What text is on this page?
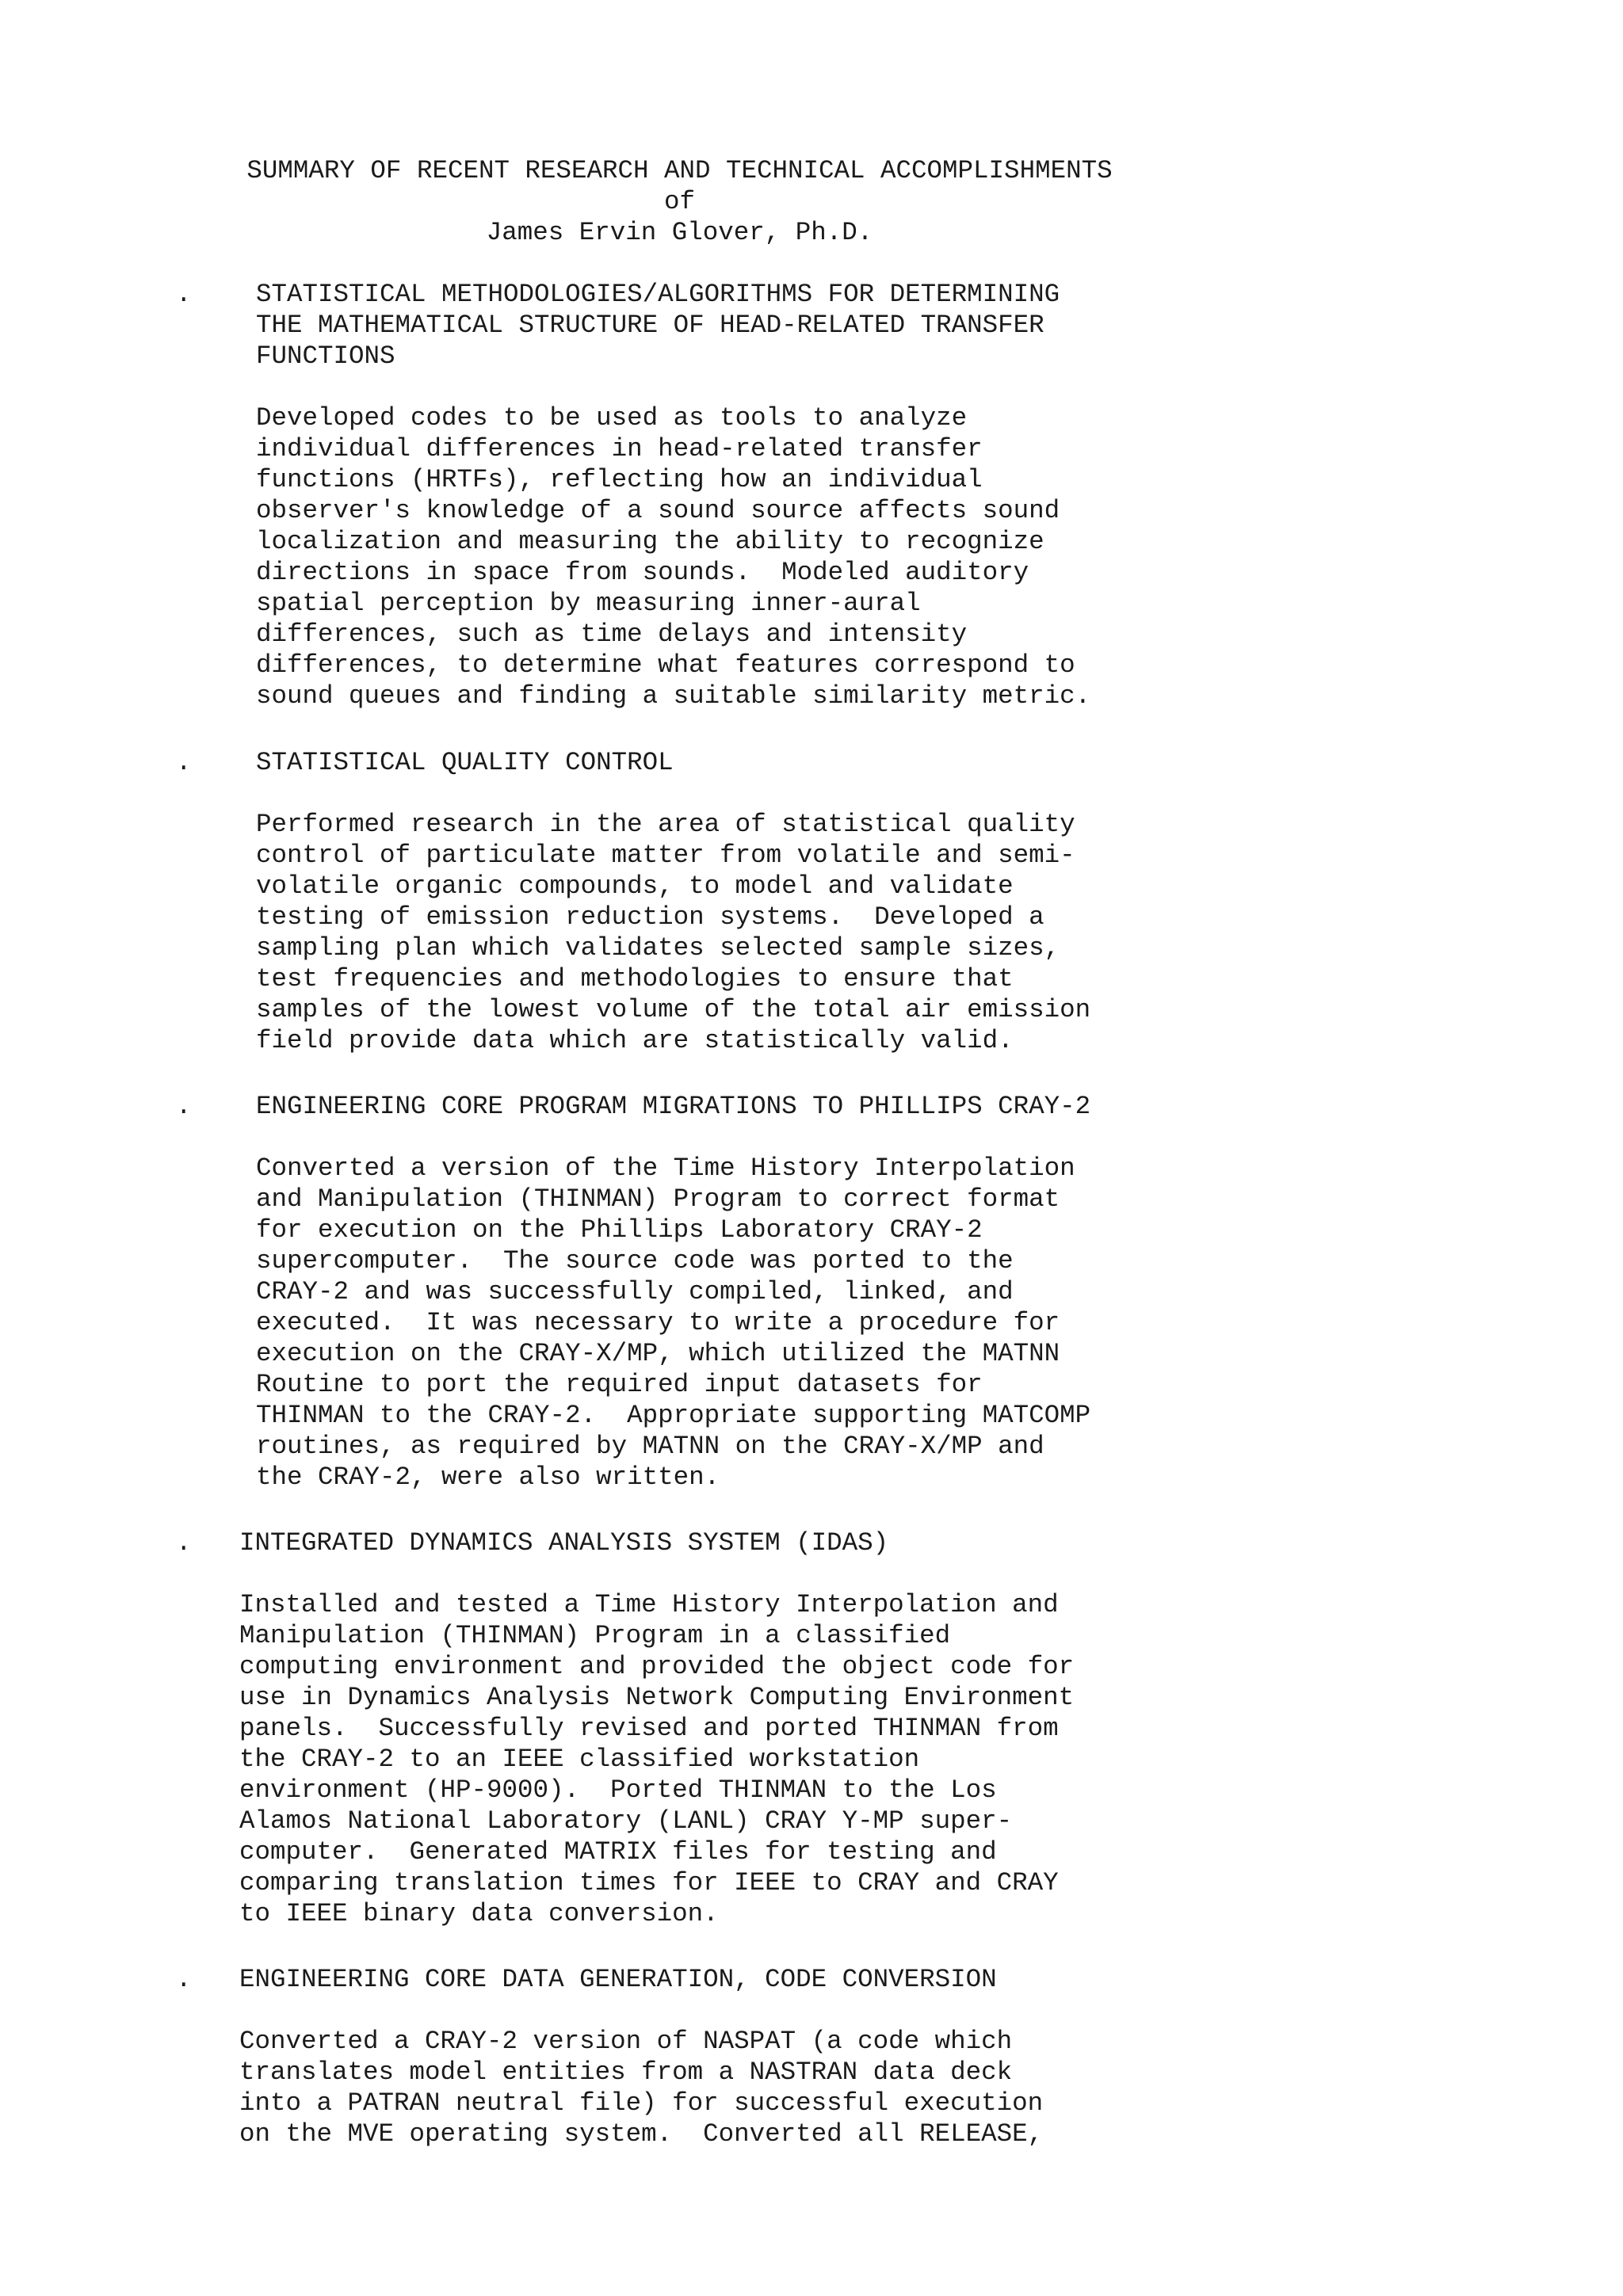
SUMMARY OF RECENT RESEARCH AND TECHNICAL ACCOMPLISHMENTS
of
James Ervin Glover, Ph.D.
.	STATISTICAL METHODOLOGIES/ALGORITHMS FOR DETERMINING
THE MATHEMATICAL STRUCTURE OF HEAD-RELATED TRANSFER
FUNCTIONS
Developed codes to be used as tools to analyze
individual differences in head-related transfer
functions (HRTFs), reflecting how an individual
observer's knowledge of a sound source affects sound
localization and measuring the ability to recognize
directions in space from sounds.  Modeled auditory
spatial perception by measuring inner-aural
differences, such as time delays and intensity
differences, to determine what features correspond to
sound queues and finding a suitable similarity metric.
.	STATISTICAL QUALITY CONTROL
Performed research in the area of statistical quality
control of particulate matter from volatile and semi-
volatile organic compounds, to model and validate
testing of emission reduction systems.  Developed a
sampling plan which validates selected sample sizes,
test frequencies and methodologies to ensure that
samples of the lowest volume of the total air emission
field provide data which are statistically valid.
.	ENGINEERING CORE PROGRAM MIGRATIONS TO PHILLIPS CRAY-2
Converted a version of the Time History Interpolation
and Manipulation (THINMAN) Program to correct format
for execution on the Phillips Laboratory CRAY-2
supercomputer.  The source code was ported to the
CRAY-2 and was successfully compiled, linked, and
executed.  It was necessary to write a procedure for
execution on the CRAY-X/MP, which utilized the MATNN
Routine to port the required input datasets for
THINMAN to the CRAY-2.  Appropriate supporting MATCOMP
routines, as required by MATNN on the CRAY-X/MP and
the CRAY-2, were also written.
. INTEGRATED DYNAMICS ANALYSIS SYSTEM (IDAS)
Installed and tested a Time History Interpolation and
Manipulation (THINMAN) Program in a classified
computing environment and provided the object code for
use in Dynamics Analysis Network Computing Environment
panels.  Successfully revised and ported THINMAN from
the CRAY-2 to an IEEE classified workstation
environment (HP-9000).  Ported THINMAN to the Los
Alamos National Laboratory (LANL) CRAY Y-MP super-
computer.  Generated MATRIX files for testing and
comparing translation times for IEEE to CRAY and CRAY
to IEEE binary data conversion.
. ENGINEERING CORE DATA GENERATION, CODE CONVERSION
Converted a CRAY-2 version of NASPAT (a code which
translates model entities from a NASTRAN data deck
into a PATRAN neutral file) for successful execution
on the MVE operating system.  Converted all RELEASE,
